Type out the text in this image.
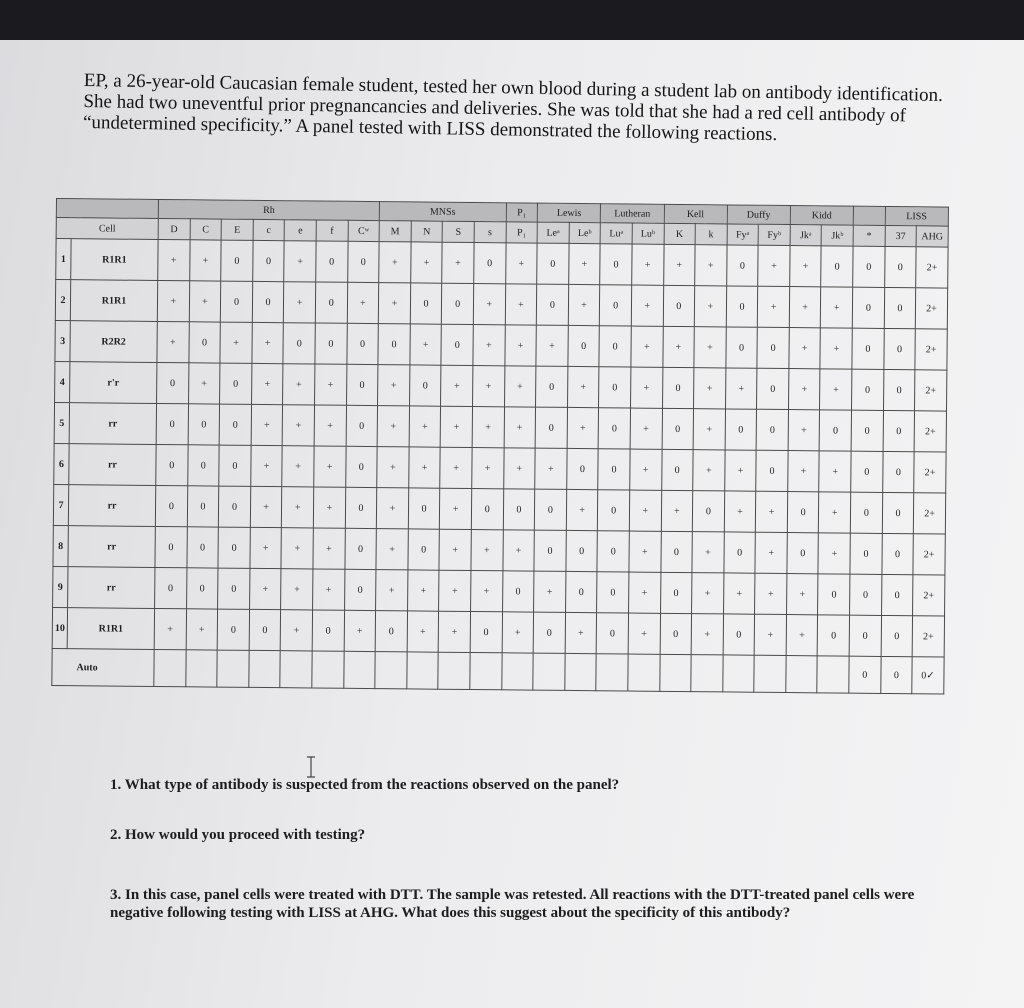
EP, a 26-year-old Caucasian female student, tested her own blood during a student lab on antibody identification. She had two uneventful prior pregnancancies and deliveries. She was told that she had a red cell antibody of “undetermined specificity.” A panel tested with LISS demonstrated the following reactions.

		Rh							MNSs				P₁	Lewis		Lutheran		Kell		Duffy		Kidd			LISS	
Cell		D	C	E	c	e	f	Cʷ	M	N	S	s	P₁	Leᵃ	Leᵇ	Luᵃ	Luᵇ	K	k	Fyᵃ	Fyᵇ	Jkᵃ	Jkᵇ	*	37	AHG
1	R1R1	+	+	0	0	+	0	0	+	+	+	0	+	0	+	0	+	+	+	0	+	+	0	0	0	2+
2	R1R1	+	+	0	0	+	0	+	+	0	0	+	+	0	+	0	+	0	+	0	+	+	+	0	0	2+
3	R2R2	+	0	+	+	0	0	0	0	+	0	+	+	+	0	0	+	+	+	0	0	+	+	0	0	2+
4	r'r	0	+	0	+	+	+	0	+	0	+	+	+	0	+	0	+	0	+	+	0	+	+	0	0	2+
5	rr	0	0	0	+	+	+	0	+	+	+	+	+	0	+	0	+	0	+	0	0	+	0	0	0	2+
6	rr	0	0	0	+	+	+	0	+	+	+	+	+	+	0	0	+	0	+	+	0	+	+	0	0	2+
7	rr	0	0	0	+	+	+	0	+	0	+	0	0	0	+	0	+	+	0	+	+	0	+	0	0	2+
8	rr	0	0	0	+	+	+	0	+	0	+	+	+	0	0	0	+	0	+	0	+	0	+	0	0	2+
9	rr	0	0	0	+	+	+	0	+	+	+	+	0	+	0	0	+	0	+	+	+	+	0	0	0	2+
10	R1R1	+	+	0	0	+	0	+	0	+	+	0	+	0	+	0	+	0	+	0	+	+	0	0	0	2+
Auto																								0	0	0✓
1. What type of antibody is suspected from the reactions observed on the panel?
2. How would you proceed with testing?
3. In this case, panel cells were treated with DTT. The sample was retested. All reactions with the DTT-treated panel cells were negative following testing with LISS at AHG. What does this suggest about the specificity of this antibody?
